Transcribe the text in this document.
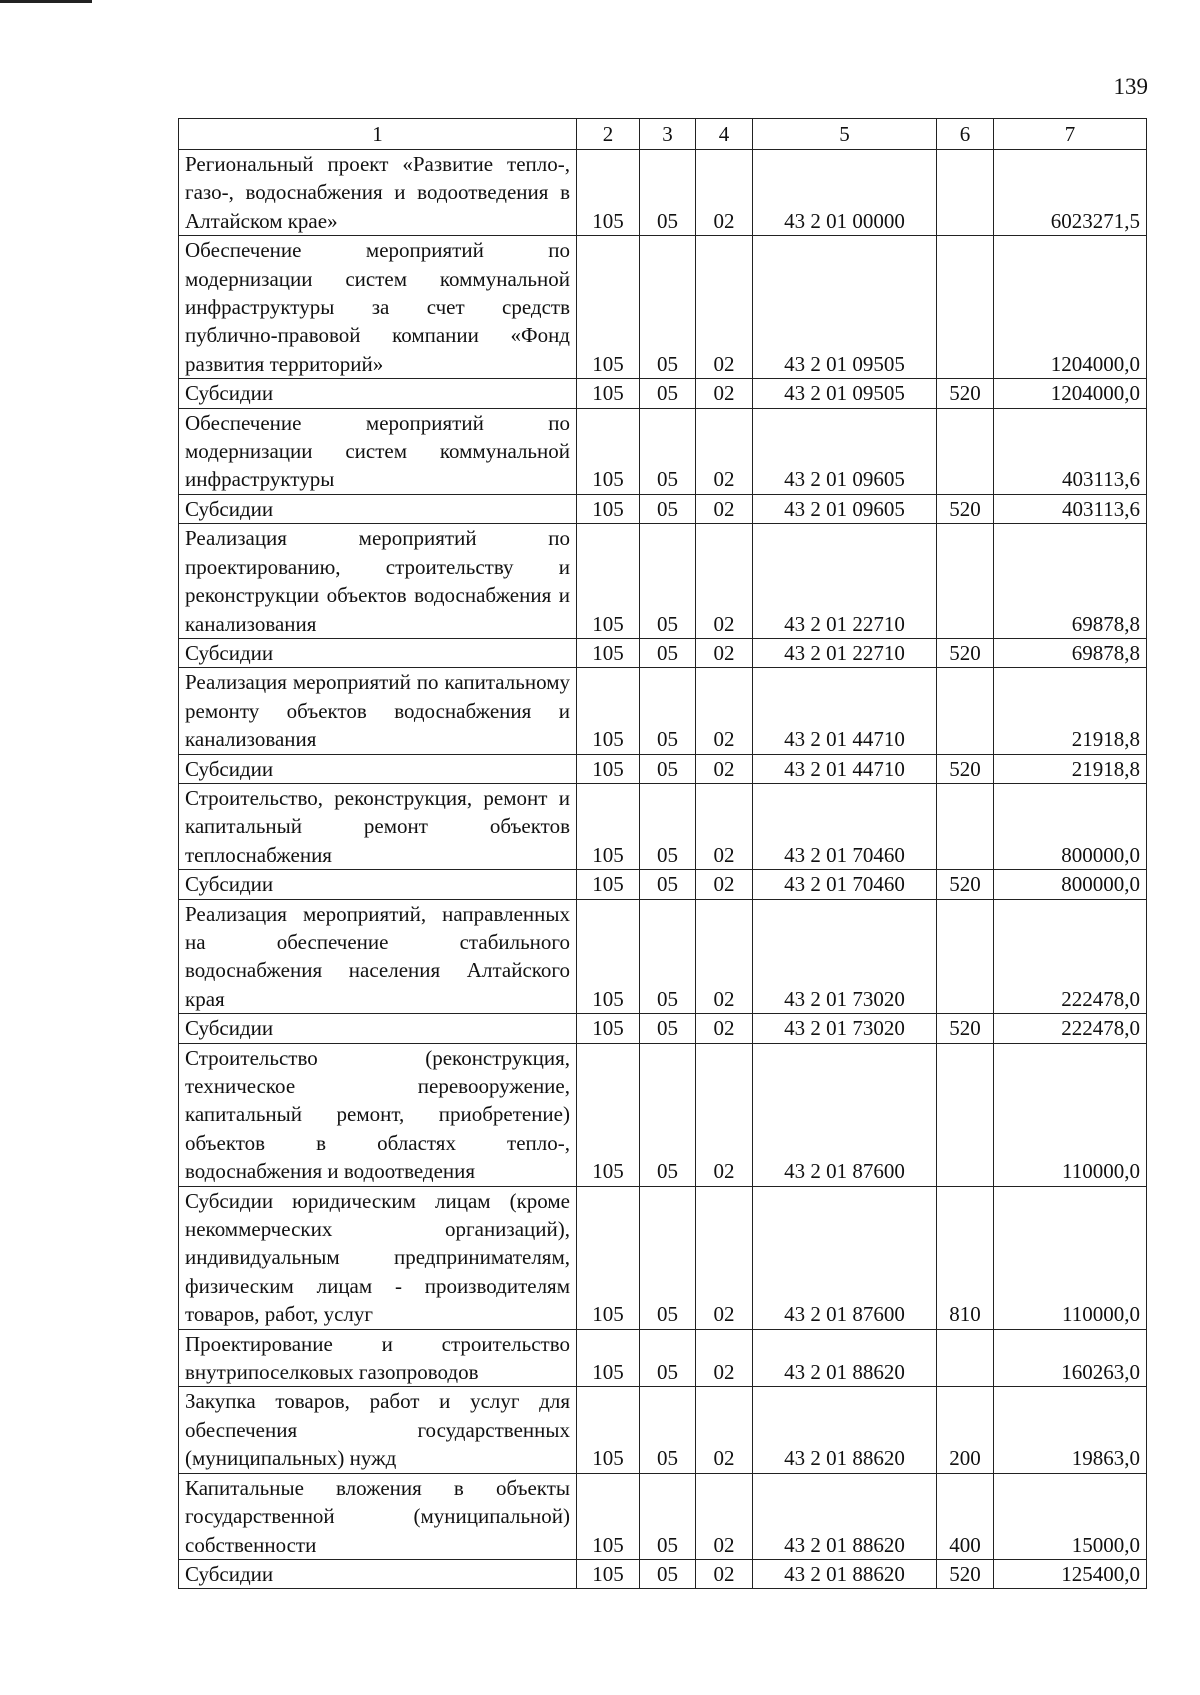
139
1	2	3	4	5	6	7
Региональный проект «Развитие тепло-, газо-, водоснабжения и водоотведения в Алтайском крае»	105	05	02	43 2 01 00000		6023271,5
Обеспечение мероприятий по модернизации систем коммунальной инфраструктуры за счет средств публично-правовой компании «Фонд развития территорий»	105	05	02	43 2 01 09505		1204000,0
Субсидии	105	05	02	43 2 01 09505	520	1204000,0
Обеспечение мероприятий по модернизации систем коммунальной инфраструктуры	105	05	02	43 2 01 09605		403113,6
Субсидии	105	05	02	43 2 01 09605	520	403113,6
Реализация мероприятий по проектированию, строительству и реконструкции объектов водоснабжения и канализования	105	05	02	43 2 01 22710		69878,8
Субсидии	105	05	02	43 2 01 22710	520	69878,8
Реализация мероприятий по капитальному ремонту объектов водоснабжения и канализования	105	05	02	43 2 01 44710		21918,8
Субсидии	105	05	02	43 2 01 44710	520	21918,8
Строительство, реконструкция, ремонт и капитальный ремонт объектов теплоснабжения	105	05	02	43 2 01 70460		800000,0
Субсидии	105	05	02	43 2 01 70460	520	800000,0
Реализация мероприятий, направленных на обеспечение стабильного водоснабжения населения Алтайского края	105	05	02	43 2 01 73020		222478,0
Субсидии	105	05	02	43 2 01 73020	520	222478,0
Строительство (реконструкция, техническое перевооружение, капитальный ремонт, приобретение) объектов в областях тепло-, водоснабжения и водоотведения	105	05	02	43 2 01 87600		110000,0
Субсидии юридическим лицам (кроме некоммерческих организаций), индивидуальным предпринимателям, физическим лицам - производителям товаров, работ, услуг	105	05	02	43 2 01 87600	810	110000,0
Проектирование и строительство внутрипоселковых газопроводов	105	05	02	43 2 01 88620		160263,0
Закупка товаров, работ и услуг для обеспечения государственных (муниципальных) нужд	105	05	02	43 2 01 88620	200	19863,0
Капитальные вложения в объекты государственной (муниципальной) собственности	105	05	02	43 2 01 88620	400	15000,0
Субсидии	105	05	02	43 2 01 88620	520	125400,0
